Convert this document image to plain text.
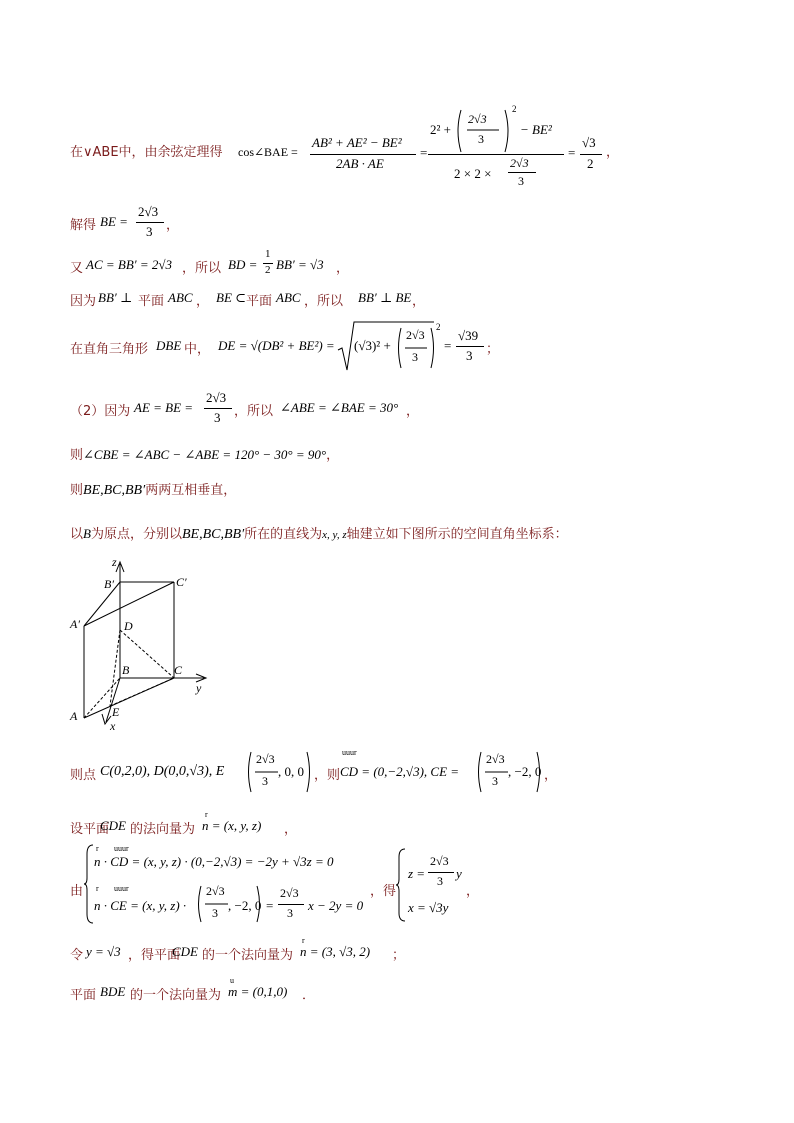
在∨ABE中，由余弦定理得 cos∠BAE =
AB² + AE² − BE²
2AB · AE
=
2² +
2√3
3
2
− BE²
2 × 2 ×
2√3
3
=
√3
2
，
解得 BE =
2√3
3 ，
又 AC = BB′ = 2√3 ，所以 BD =
1
2 BB′ = √3 ，
因为 BB′ ⊥ 平面 ABC ， BE ⊂ 平面 ABC ，所以 BB′ ⊥ BE ，
在直角三角形 DBE 中， DE = √(DB² + BE²) = (√3)² +
2√3
3
2
=
√39
3 ；
（2）因为 AE = BE =
2√3
3 ，所以 ∠ABE = ∠BAE = 30° ，
则∠CBE = ∠ABC − ∠ABE = 120° − 30° = 90°，
则BE,BC,BB′两两互相垂直，
以B为原点，分别以BE,BC,BB′所在的直线为x, y, z轴建立如下图所示的空间直角坐标系：
z
B′	C′
A′	D
B	C
y
A	E
x
则点 C(0,2,0), D(0,0,√3), E
2√3
3
, 0, 0 ，则
uuur
CD = (0,−2,√3), CE =
2√3
3
, −2, 0 ，
设平面
CDE 的法向量为
r
n = (x, y, z) ，
由
r uuur
n · CD = (x, y, z) · (0,−2,√3) = −2y + √3z = 0
r uuur
n · CE = (x, y, z) ·
2√3
3 , −2, 0 =
2√3
3 x − 2y = 0
，得
z =
2√3
3 y
x = √3y
，
令 y = √3 ，得平面
CDE 的一个法向量为
r
n = (3, √3, 2) ；
平面 BDE 的一个法向量为
u
m = (0,1,0) ．
